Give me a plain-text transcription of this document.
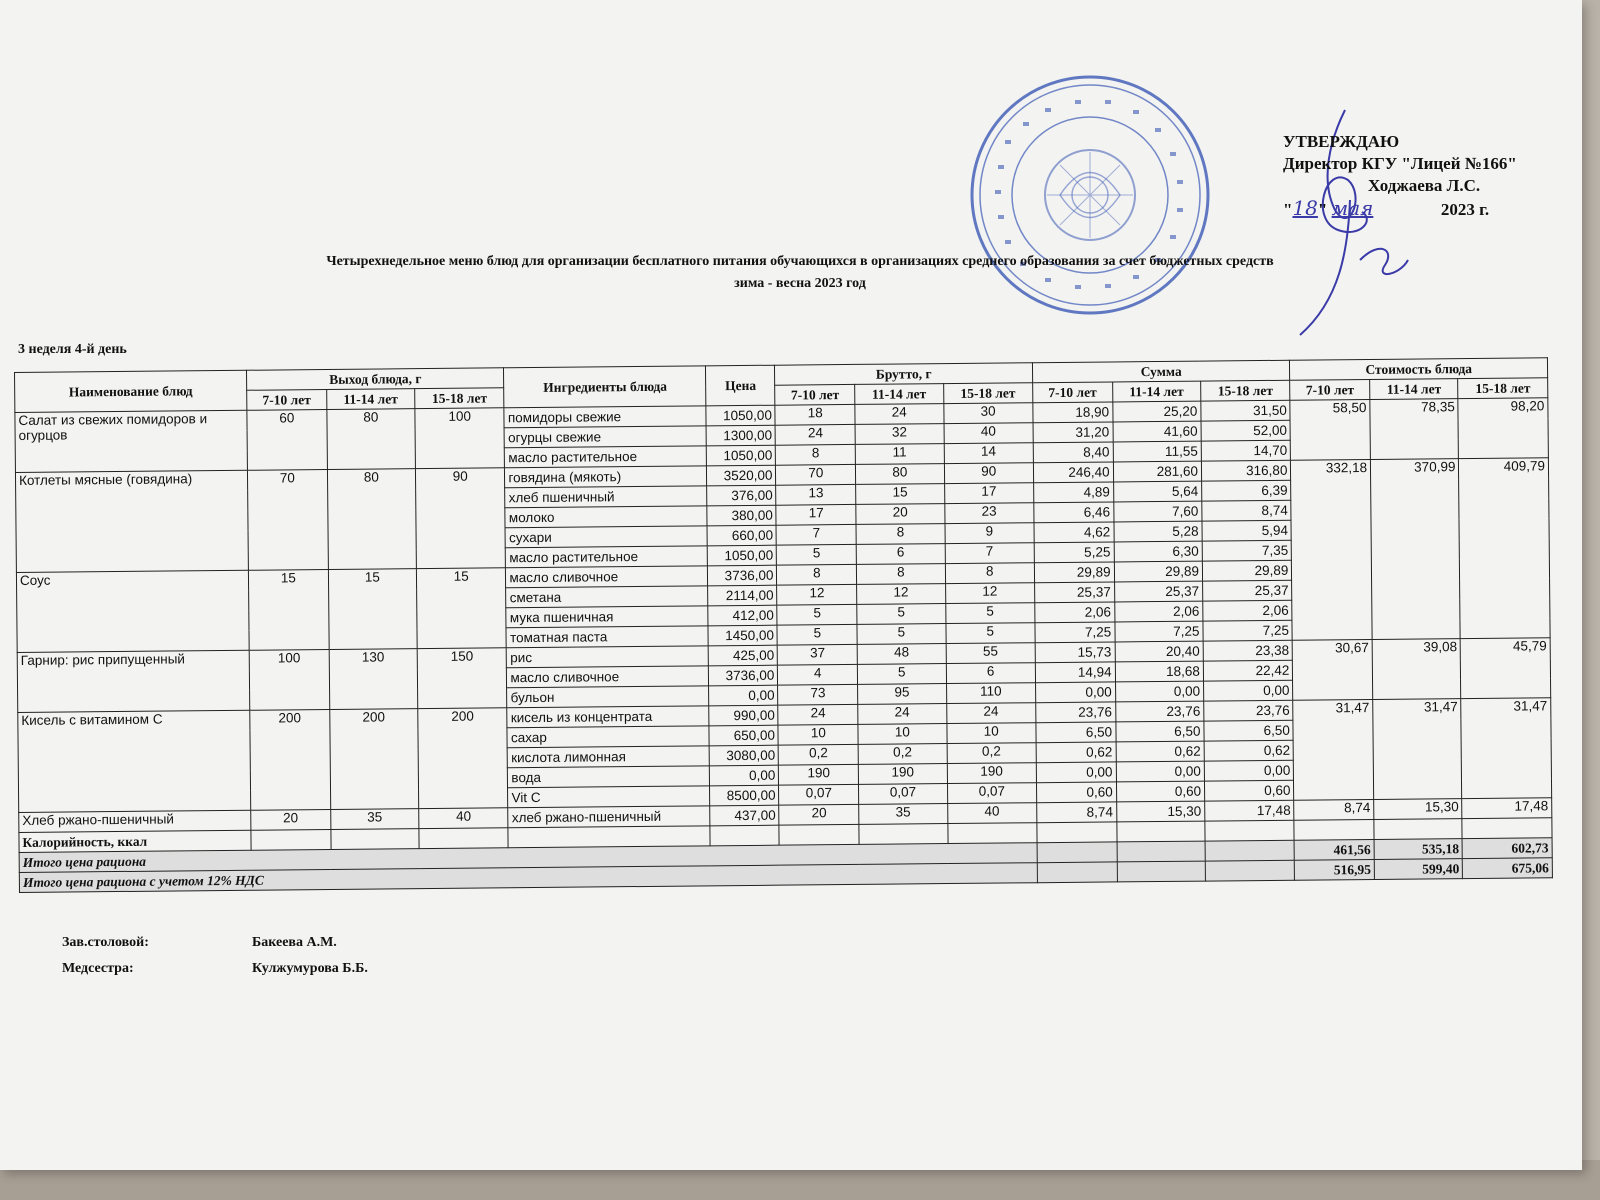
УТВЕРЖДАЮ
Директор КГУ "Лицей №166"
Ходжаева Л.С.
"18" мая	2023 г.
Четырехнедельное меню блюд для организации бесплатного питания обучающихся в организациях среднего образования за счет бюджетных средств
зима - весна 2023 год
3 неделя 4-й день
Наименование блюд	Выход блюда, г			Ингредиенты блюда	Цена	Брутто, г			Сумма			Стоимость блюда		
	7-10 лет	11-14 лет	15-18 лет			7-10 лет	11-14 лет	15-18 лет	7-10 лет	11-14 лет	15-18 лет	7-10 лет	11-14 лет	15-18 лет
Салат из свежих помидоров и огурцов	60	80	100	помидоры свежие	1050,00	18	24	30	18,90	25,20	31,50	58,50	78,35	98,20
				огурцы свежие	1300,00	24	32	40	31,20	41,60	52,00			
				масло растительное	1050,00	8	11	14	8,40	11,55	14,70			
Котлеты мясные (говядина)	70	80	90	говядина (мякоть)	3520,00	70	80	90	246,40	281,60	316,80	332,18	370,99	409,79
				хлеб пшеничный	376,00	13	15	17	4,89	5,64	6,39			
				молоко	380,00	17	20	23	6,46	7,60	8,74			
				сухари	660,00	7	8	9	4,62	5,28	5,94			
				масло растительное	1050,00	5	6	7	5,25	6,30	7,35			
Соус	15	15	15	масло сливочное	3736,00	8	8	8	29,89	29,89	29,89			
				сметана	2114,00	12	12	12	25,37	25,37	25,37			
				мука пшеничная	412,00	5	5	5	2,06	2,06	2,06			
				томатная паста	1450,00	5	5	5	7,25	7,25	7,25			
Гарнир: рис припущенный	100	130	150	рис	425,00	37	48	55	15,73	20,40	23,38	30,67	39,08	45,79
				масло сливочное	3736,00	4	5	6	14,94	18,68	22,42			
				бульон	0,00	73	95	110	0,00	0,00	0,00			
Кисель с витамином С	200	200	200	кисель из концентрата	990,00	24	24	24	23,76	23,76	23,76	31,47	31,47	31,47
				сахар	650,00	10	10	10	6,50	6,50	6,50			
				кислота лимонная	3080,00	0,2	0,2	0,2	0,62	0,62	0,62			
				вода	0,00	190	190	190	0,00	0,00	0,00			
				Vit C	8500,00	0,07	0,07	0,07	0,60	0,60	0,60			
Хлеб ржано-пшеничный	20	35	40	хлеб ржано-пшеничный	437,00	20	35	40	8,74	15,30	17,48	8,74	15,30	17,48
Калорийность, ккал														
Итого цена рациона												461,56	535,18	602,73
Итого цена рациона с учетом 12% НДС												516,95	599,40	675,06
Зав.столовой:	Бакеева А.М.
Медсестра:	Кулжумурова Б.Б.
